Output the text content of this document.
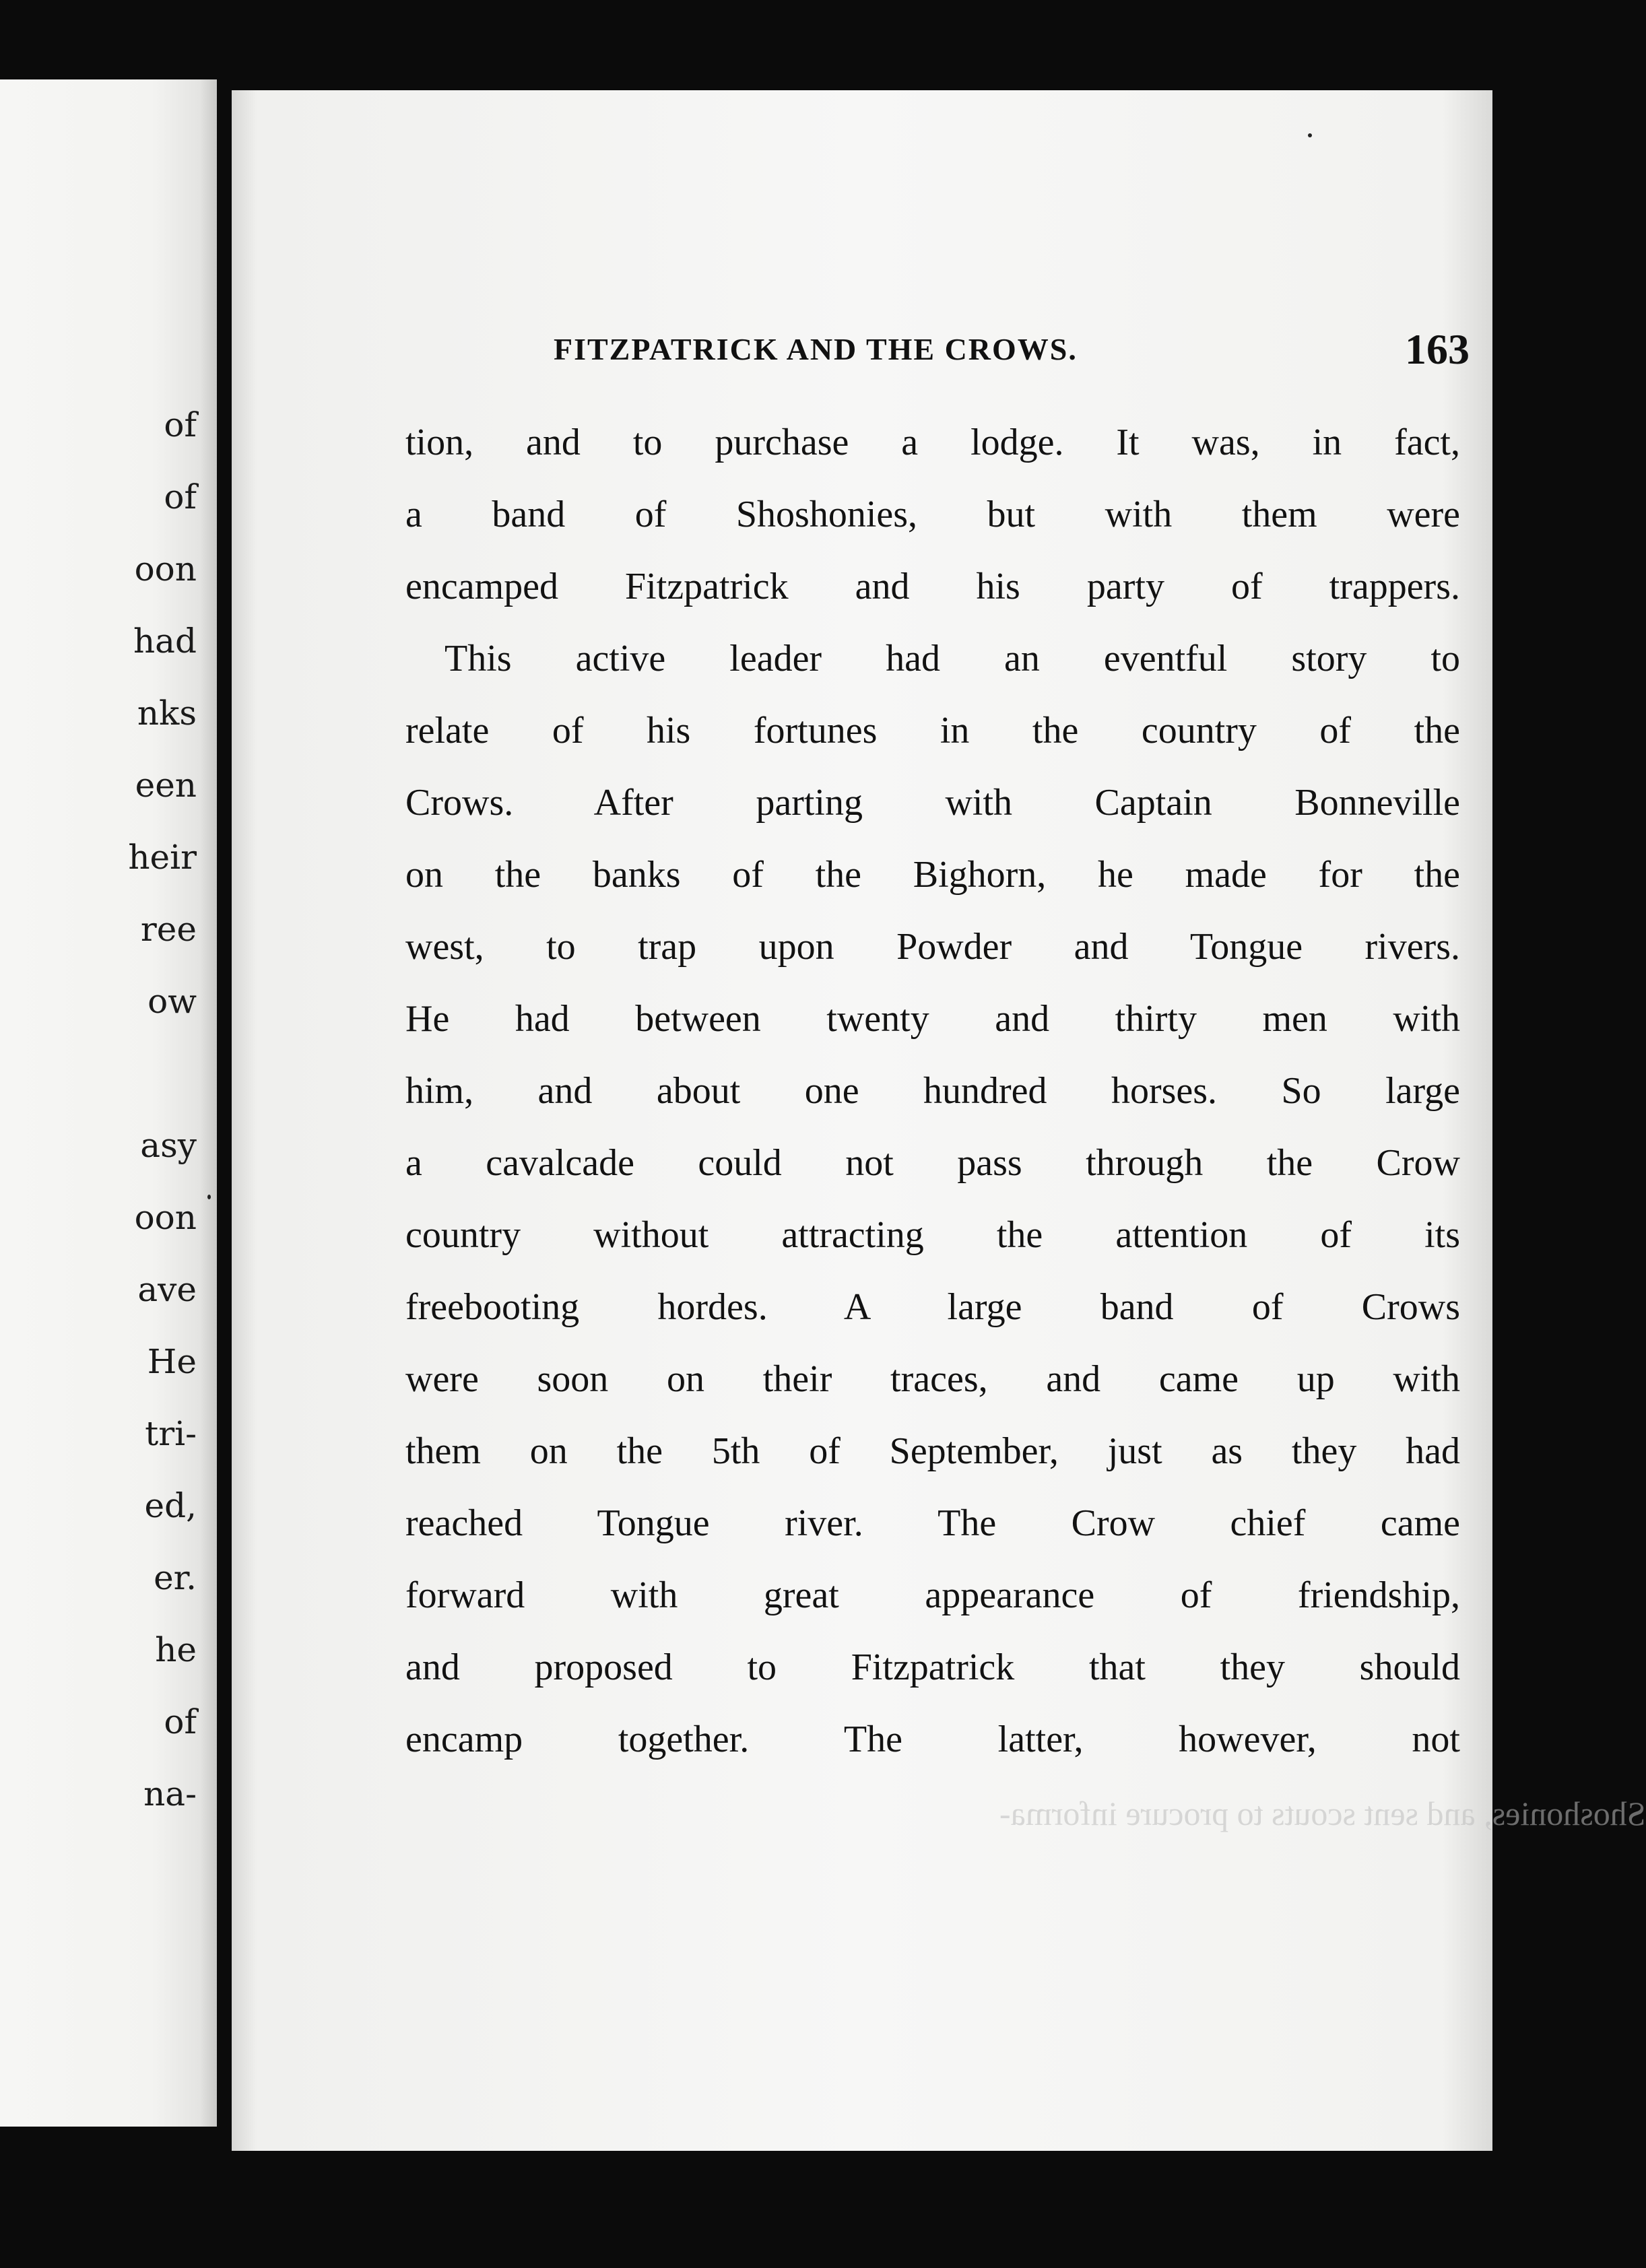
of
of
oon
had
nks
een
heir
ree
ow
asy
oon
ave
He
tri-
ed,
er.
he
of
na-
FITZPATRICK AND THE CROWS.	163
tion, and to purchase a lodge. It was, in fact,
a band of Shoshonies, but with them were
encamped Fitzpatrick and his party of trappers.
This active leader had an eventful story to
relate of his fortunes in the country of the
Crows. After parting with Captain Bonneville
on the banks of the Bighorn, he made for the
west, to trap upon Powder and Tongue rivers.
He had between twenty and thirty men with
him, and about one hundred horses. So large
a cavalcade could not pass through the Crow
country without attracting the attention of its
freebooting hordes. A large band of Crows
were soon on their traces, and came up with
them on the 5th of September, just as they had
reached Tongue river. The Crow chief came
forward with great appearance of friendship,
and proposed to Fitzpatrick that they should
encamp together. The latter, however, not
Shoshonies, and sent scouts to procure informa-
